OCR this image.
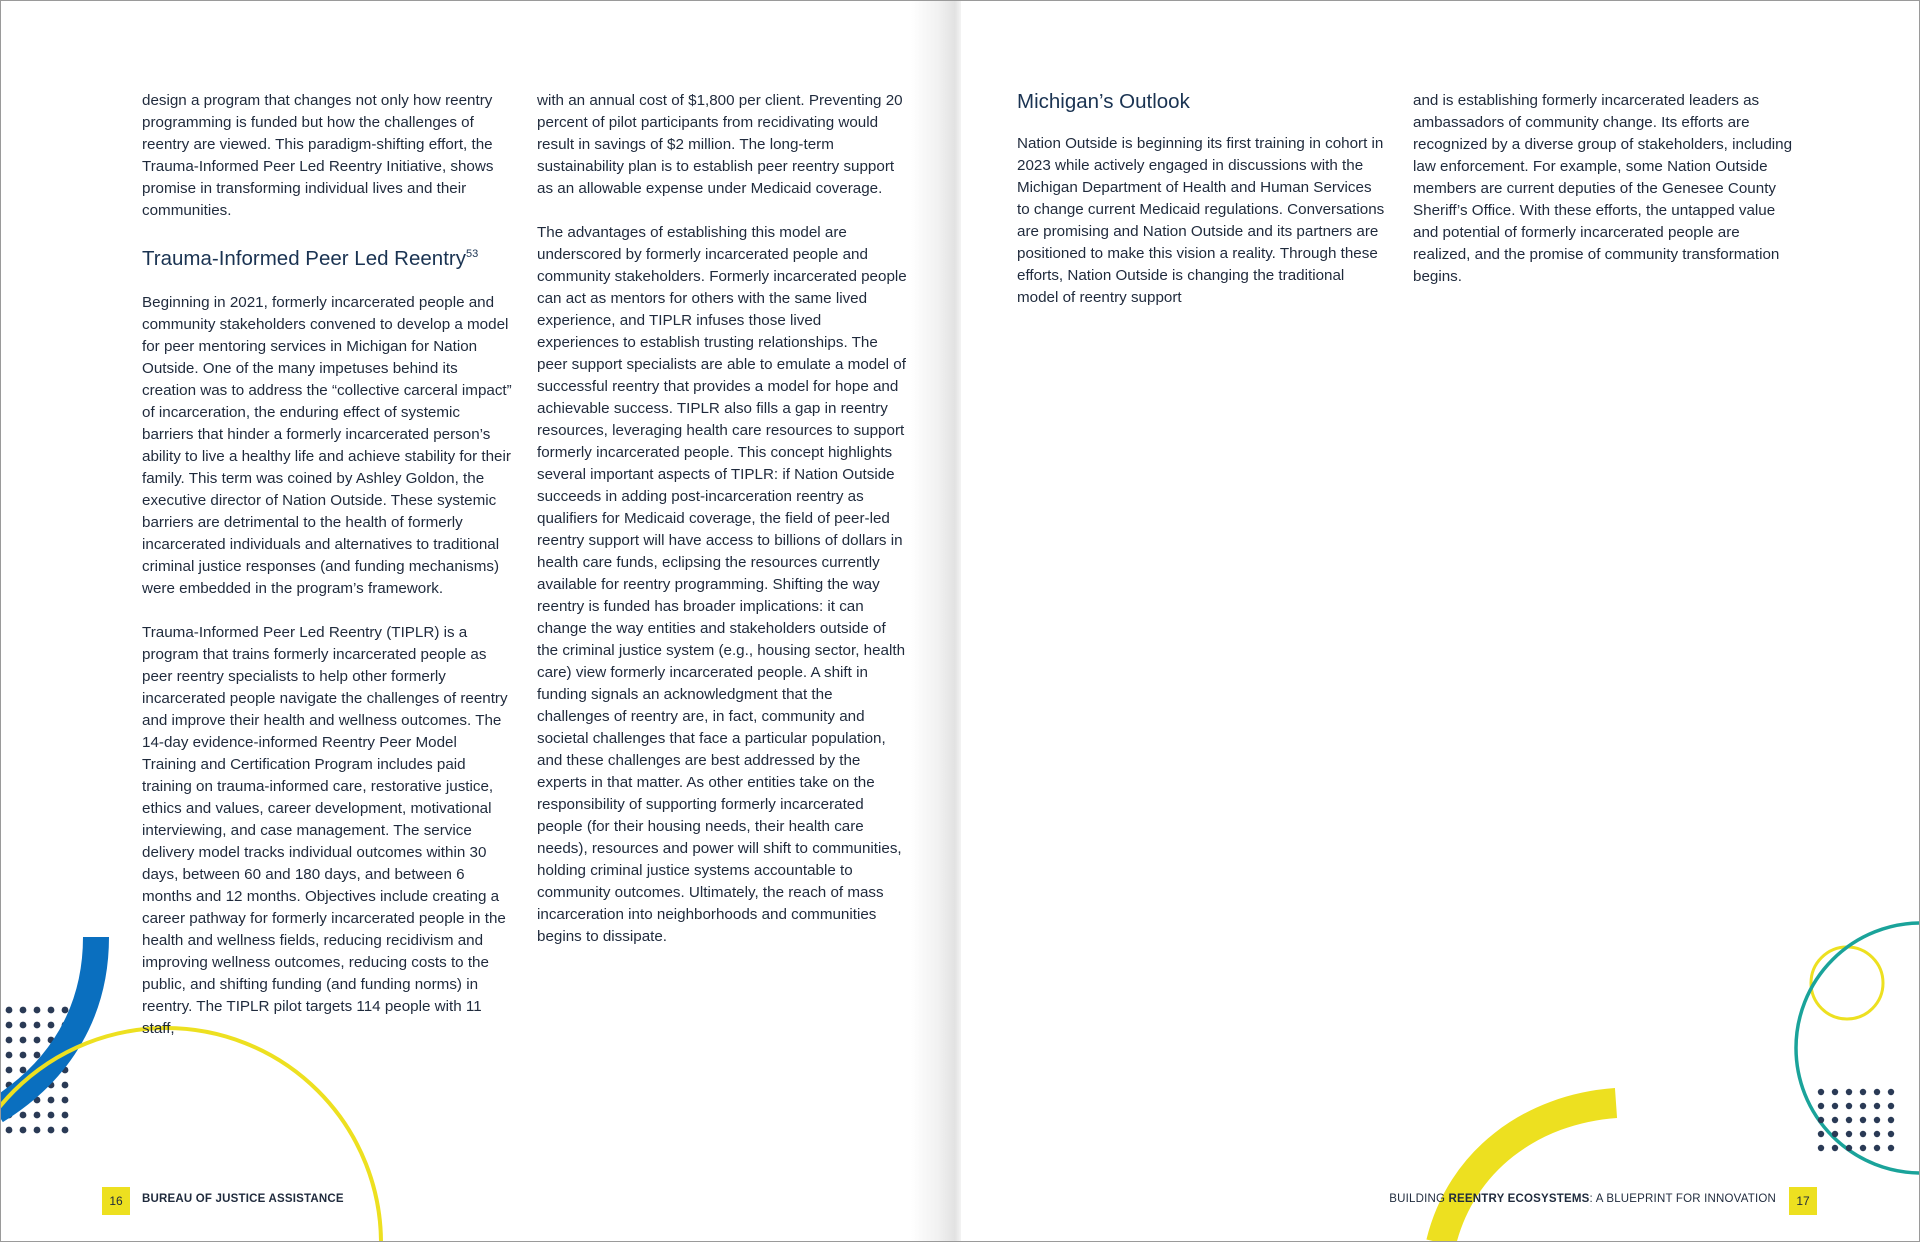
design a program that changes not only how reentry programming is funded but how the challenges of reentry are viewed. This paradigm-shifting effort, the Trauma-Informed Peer Led Reentry Initiative, shows promise in transforming individual lives and their communities.

Trauma-Informed Peer Led Reentry$^{53}$

Beginning in 2021, formerly incarcerated people and community stakeholders convened to develop a model for peer mentoring services in Michigan for Nation Outside. One of the many impetuses behind its creation was to address the “collective carceral impact” of incarceration, the enduring effect of systemic barriers that hinder a formerly incarcerated person’s ability to live a healthy life and achieve stability for their family. This term was coined by Ashley Goldon, the executive director of Nation Outside. These systemic barriers are detrimental to the health of formerly incarcerated individuals and alternatives to traditional criminal justice responses (and funding mechanisms) were embedded in the program’s framework.

Trauma-Informed Peer Led Reentry (TIPLR) is a program that trains formerly incarcerated people as peer reentry specialists to help other formerly incarcerated people navigate the challenges of reentry and improve their health and wellness outcomes. The 14-day evidence-informed Reentry Peer Model Training and Certification Program includes paid training on trauma-informed care, restorative justice, ethics and values, career development, motivational interviewing, and case management. The service delivery model tracks individual outcomes within 30 days, between 60 and 180 days, and between 6 months and 12 months. Objectives include creating a career pathway for formerly incarcerated people in the health and wellness fields, reducing recidivism and improving wellness outcomes, reducing costs to the public, and shifting funding (and funding norms) in reentry. The TIPLR pilot targets 114 people with 11 staff,

with an annual cost of $1,800 per client. Preventing 20 percent of pilot participants from recidivating would result in savings of $2 million. The long-term sustainability plan is to establish peer reentry support as an allowable expense under Medicaid coverage.

The advantages of establishing this model are underscored by formerly incarcerated people and community stakeholders. Formerly incarcerated people can act as mentors for others with the same lived experience, and TIPLR infuses those lived experiences to establish trusting relationships. The peer support specialists are able to emulate a model of successful reentry that provides a model for hope and achievable success. TIPLR also fills a gap in reentry resources, leveraging health care resources to support formerly incarcerated people. This concept highlights several important aspects of TIPLR: if Nation Outside succeeds in adding post-incarceration reentry as qualifiers for Medicaid coverage, the field of peer-led reentry support will have access to billions of dollars in health care funds, eclipsing the resources currently available for reentry programming. Shifting the way reentry is funded has broader implications: it can change the way entities and stakeholders outside of the criminal justice system (e.g., housing sector, health care) view formerly incarcerated people. A shift in funding signals an acknowledgment that the challenges of reentry are, in fact, community and societal challenges that face a particular population, and these challenges are best addressed by the experts in that matter. As other entities take on the responsibility of supporting formerly incarcerated people (for their housing needs, their health care needs), resources and power will shift to communities, holding criminal justice systems accountable to community outcomes. Ultimately, the reach of mass incarceration into neighborhoods and communities begins to dissipate.

Michigan’s Outlook

Nation Outside is beginning its first training in cohort in 2023 while actively engaged in discussions with the Michigan Department of Health and Human Services to change current Medicaid regulations. Conversations are promising and Nation Outside and its partners are positioned to make this vision a reality. Through these efforts, Nation Outside is changing the traditional model of reentry support

and is establishing formerly incarcerated leaders as ambassadors of community change. Its efforts are recognized by a diverse group of stakeholders, including law enforcement. For example, some Nation Outside members are current deputies of the Genesee County Sheriff’s Office. With these efforts, the untapped value and potential of formerly incarcerated people are realized, and the promise of community transformation begins.

16	BUREAU OF JUSTICE ASSISTANCE	BUILDING REENTRY ECOSYSTEMS: A BLUEPRINT FOR INNOVATION	17
